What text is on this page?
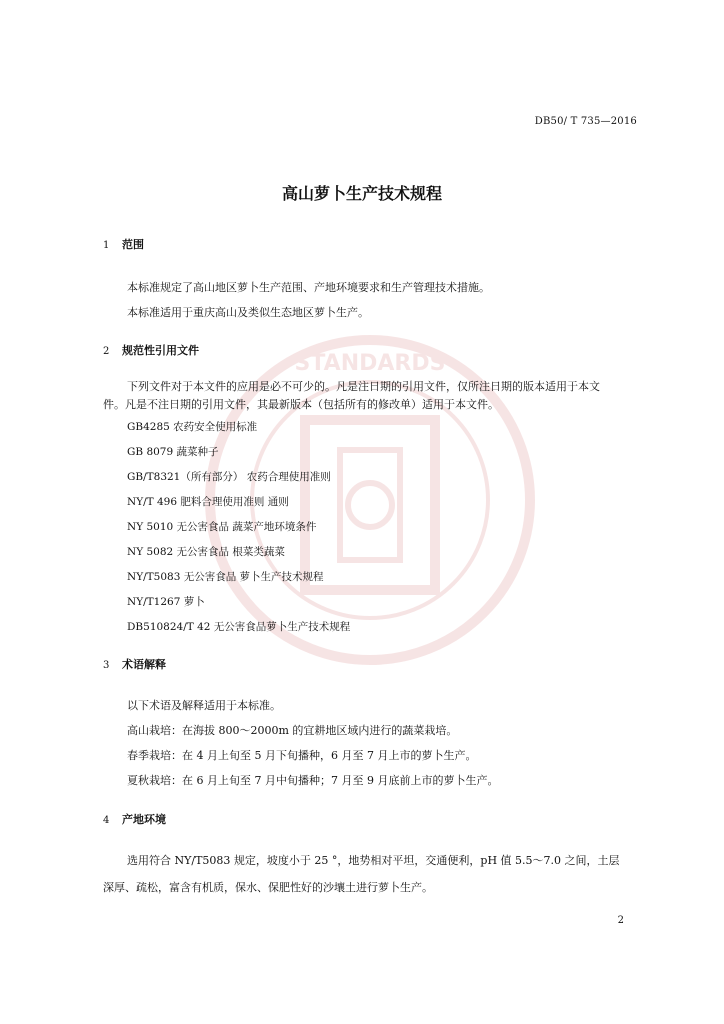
STANDARDS
DB50/ T 735—2016
高山萝卜生产技术规程
1 范围
本标准规定了高山地区萝卜生产范围、产地环境要求和生产管理技术措施。
本标准适用于重庆高山及类似生态地区萝卜生产。
2 规范性引用文件
下列文件对于本文件的应用是必不可少的。凡是注日期的引用文件，仅所注日期的版本适用于本文
件。凡是不注日期的引用文件，其最新版本（包括所有的修改单）适用于本文件。
GB4285 农药安全使用标准
GB 8079 蔬菜种子
GB/T8321（所有部分） 农药合理使用准则
NY/T 496 肥料合理使用准则 通则
NY 5010 无公害食品 蔬菜产地环境条件
NY 5082 无公害食品 根菜类蔬菜
NY/T5083 无公害食品 萝卜生产技术规程
NY/T1267 萝卜
DB510824/T 42 无公害食品萝卜生产技术规程
3 术语解释
以下术语及解释适用于本标准。
高山栽培：在海拔 800～2000m 的宜耕地区域内进行的蔬菜栽培。
春季栽培：在 4 月上旬至 5 月下旬播种，6 月至 7 月上市的萝卜生产。
夏秋栽培：在 6 月上旬至 7 月中旬播种；7 月至 9 月底前上市的萝卜生产。
4 产地环境
选用符合 NY/T5083 规定，坡度小于 25 °，地势相对平坦，交通便利，pH 值 5.5～7.0 之间，土层
深厚、疏松，富含有机质，保水、保肥性好的沙壤土进行萝卜生产。
2
